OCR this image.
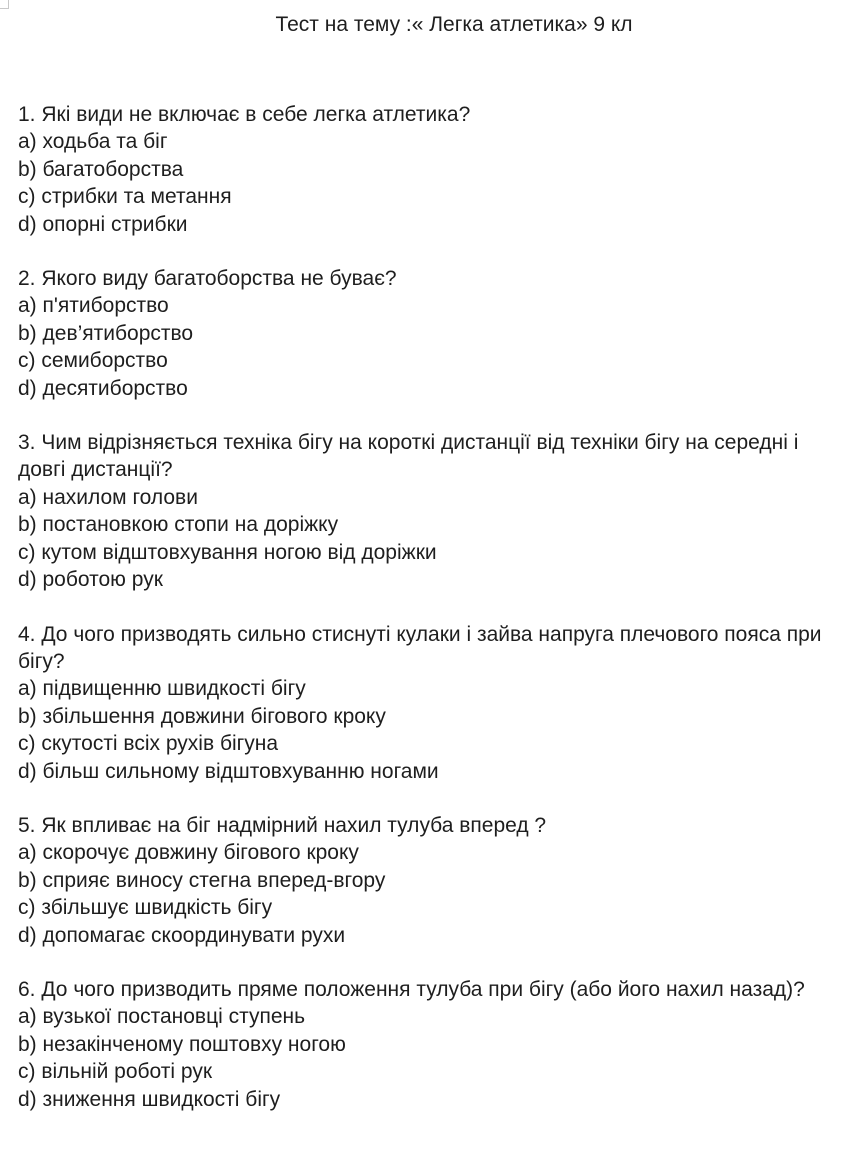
Тест на тему :« Легка атлетика» 9 кл

1. Які види не включає в себе легка атлетика?

a) ходьба та біг
b) багатоборства
c) стрибки та метання
d) опорні стрибки

2. Якого виду багатоборства не буває?

a) п'ятиборство
b) дев’ятиборство
c) семиборство
d) десятиборство

3. Чим відрізняється техніка бігу на короткі дистанції від техніки бігу на середні і довгі дистанції?

a) нахилом голови
b) постановкою стопи на доріжку
c) кутом відштовхування ногою від доріжки
d) роботою рук

4. До чого призводять сильно стиснуті кулаки і зайва напруга плечового пояса при бігу?

a) підвищенню швидкості бігу
b) збільшення довжини бігового кроку
c) скутості всіх рухів бігуна
d) більш сильному відштовхуванню ногами

5. Як впливає на біг надмірний нахил тулуба вперед ?

a) скорочує довжину бігового кроку
b) сприяє виносу стегна вперед-вгору
c) збільшує швидкість бігу
d) допомагає скоординувати рухи

6. До чого призводить пряме положення тулуба при бігу (або його нахил назад)?

a) вузької постановці ступень
b) незакінченому поштовху ногою
c) вільній роботі рук
d) зниження швидкості бігу
